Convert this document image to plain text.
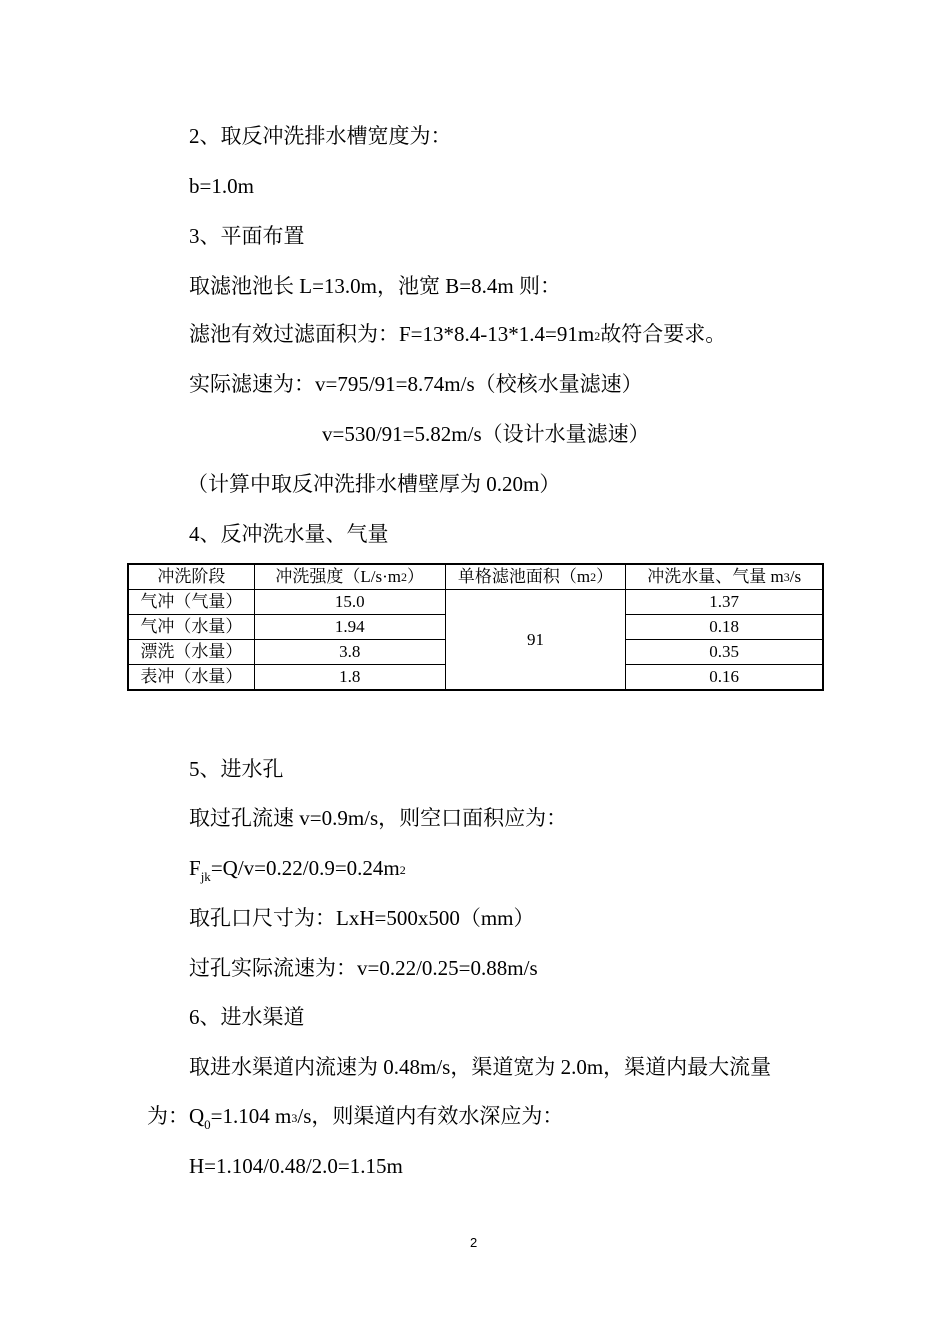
2、取反冲洗排水槽宽度为：
b=1.0m
3、平面布置
取滤池池长 L=13.0m，池宽 B=8.4m 则：
滤池有效过滤面积为：$F=13*8.4-13*1.4=91m^2$故符合要求。
实际滤速为：v=795/91=8.74m/s（校核水量滤速）
v=530/91=5.82m/s（设计水量滤速）
（计算中取反冲洗排水槽壁厚为 0.20m）
4、反冲洗水量、气量
冲洗阶段	冲洗强度$(L/s\cdot m^2)$	单格滤池面积$(m^2)$	冲洗水量、气量 $m^3/s$
气冲（气量）	15.0	91	1.37
气冲（水量）	1.94		0.18
漂洗（水量）	3.8		0.35
表冲（水量）	1.8		0.16
5、进水孔
取过孔流速 v=0.9m/s，则空口面积应为：
$F_{jk}=Q/v=0.22/0.9=0.24m^2$
取孔口尺寸为：LxH=500x500（mm）
过孔实际流速为：v=0.22/0.25=0.88m/s
6、进水渠道
取进水渠道内流速为 0.48m/s，渠道宽为 2.0m，渠道内最大流量
为：$Q_0=1.104$ $m^3/s$，则渠道内有效水深应为：
H=1.104/0.48/2.0=1.15m
2
